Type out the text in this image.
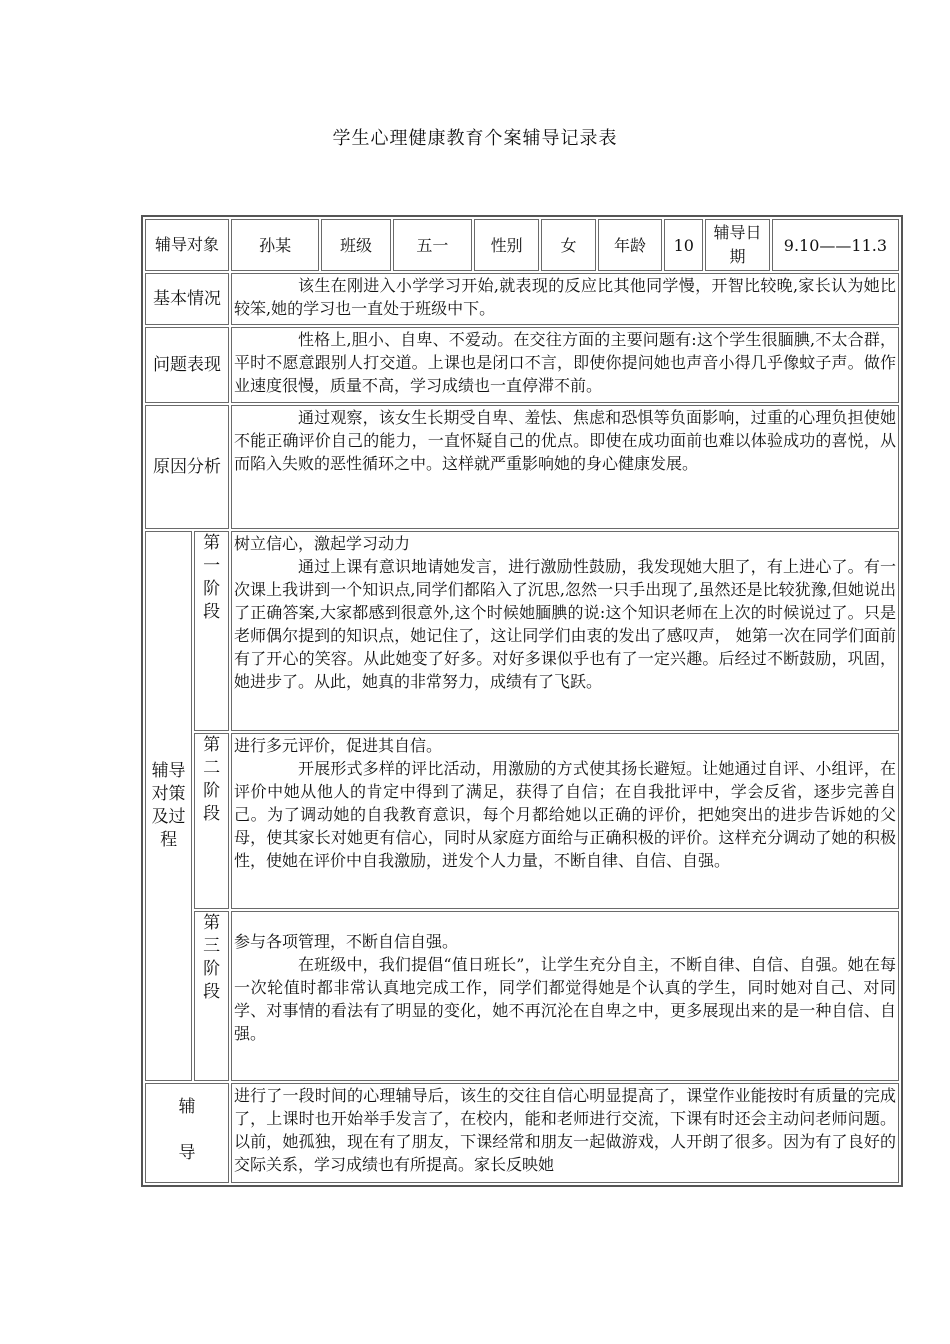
学生心理健康教育个案辅导记录表
辅导对象		孙某	班级	五一	性别	女	年龄	10	辅导日期	9.10——11.3
基本情况		该生在刚进入小学学习开始,就表现的反应比其他同学慢，开智比较晚,家长认为她比较笨,她的学习也一直处于班级中下。								

问题表现		性格上,胆小、自卑、不爱动。在交往方面的主要问题有:这个学生很腼腆,不太合群，平时不愿意跟别人打交道。上课也是闭口不言，即使你提问她也声音小得几乎像蚊子声。做作业速度很慢，质量不高，学习成绩也一直停滞不前。								

原因分析		通过观察，该女生长期受自卑、羞怯、焦虑和恐惧等负面影响，过重的心理负担使她不能正确评价自己的能力，一直怀疑自己的优点。即使在成功面前也难以体验成功的喜悦，从而陷入失败的恶性循环之中。这样就严重影响她的身心健康发展。								

辅导对策及过程	第一阶段	树立信心，激起学习动力

通过上课有意识地请她发言，进行激励性鼓励，我发现她大胆了，有上进心了。有一次课上我讲到一个知识点,同学们都陷入了沉思,忽然一只手出现了,虽然还是比较犹豫,但她说出了正确答案,大家都感到很意外,这个时候她腼腆的说:这个知识老师在上次的时候说过了。只是老师偶尔提到的知识点，她记住了，这让同学们由衷的发出了感叹声， 她第一次在同学们面前有了开心的笑容。从此她变了好多。对好多课似乎也有了一定兴趣。后经过不断鼓励，巩固，她进步了。从此，她真的非常努力，成绩有了飞跃。								

	第二阶段	进行多元评价，促进其自信。

开展形式多样的评比活动，用激励的方式使其扬长避短。让她通过自评、小组评，在评价中她从他人的肯定中得到了满足，获得了自信；在自我批评中，学会反省，逐步完善自己。为了调动她的自我教育意识，每个月都给她以正确的评价，把她突出的进步告诉她的父母，使其家长对她更有信心，同时从家庭方面给与正确积极的评价。这样充分调动了她的积极性，使她在评价中自我激励，迸发个人力量，不断自律、自信、自强。								

	第三阶段	参与各项管理，不断自信自强。

在班级中，我们提倡“值日班长”，让学生充分自主，不断自律、自信、自强。她在每一次轮值时都非常认真地完成工作，同学们都觉得她是个认真的学生，同时她对自己、对同学、对事情的看法有了明显的变化，她不再沉沦在自卑之中，更多展现出来的是一种自信、自强。								

辅
导		进行了一段时间的心理辅导后，该生的交往自信心明显提高了，课堂作业能按时有质量的完成了，上课时也开始举手发言了，在校内，能和老师进行交流，下课有时还会主动问老师问题。以前，她孤独，现在有了朋友，下课经常和朋友一起做游戏，人开朗了很多。因为有了良好的交际关系，学习成绩也有所提高。家长反映她								
